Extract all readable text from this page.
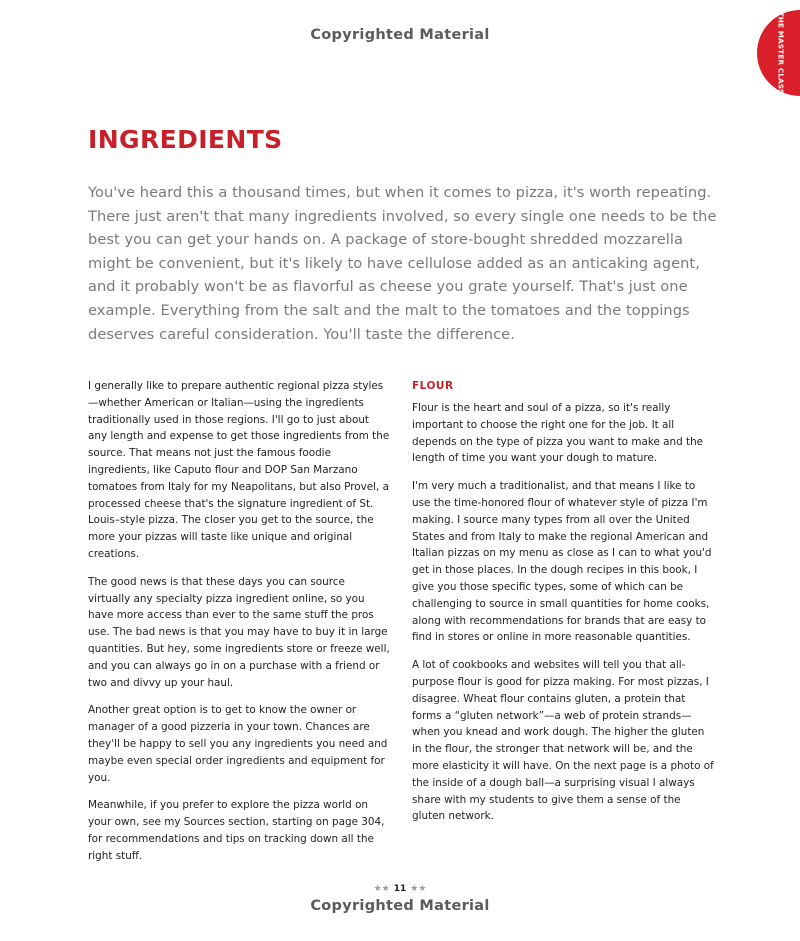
Copyrighted Material	THE MASTER CLASS
INGREDIENTS

You've heard this a thousand times, but when it comes to pizza, it's worth repeating. There just aren't that many ingredients involved, so every single one needs to be the best you can get your hands on. A package of store-bought shredded mozzarella might be convenient, but it's likely to have cellulose added as an anticaking agent, and it probably won't be as flavorful as cheese you grate yourself. That's just one example. Everything from the salt and the malt to the tomatoes and the toppings deserves careful consideration. You'll taste the difference.

I generally like to prepare authentic regional pizza styles—whether American or Italian—using the ingredients traditionally used in those regions. I'll go to just about any length and expense to get those ingredients from the source. That means not just the famous foodie ingredients, like Caputo flour and DOP San Marzano tomatoes from Italy for my Neapolitans, but also Provel, a processed cheese that's the signature ingredient of St. Louis–style pizza. The closer you get to the source, the more your pizzas will taste like unique and original creations.

The good news is that these days you can source virtually any specialty pizza ingredient online, so you have more access than ever to the same stuff the pros use. The bad news is that you may have to buy it in large quantities. But hey, some ingredients store or freeze well, and you can always go in on a purchase with a friend or two and divvy up your haul.

Another great option is to get to know the owner or manager of a good pizzeria in your town. Chances are they'll be happy to sell you any ingredients you need and maybe even special order ingredients and equipment for you.

Meanwhile, if you prefer to explore the pizza world on your own, see my Sources section, starting on page 304, for recommendations and tips on tracking down all the right stuff.

FLOUR

Flour is the heart and soul of a pizza, so it's really important to choose the right one for the job. It all depends on the type of pizza you want to make and the length of time you want your dough to mature.

I'm very much a traditionalist, and that means I like to use the time-honored flour of whatever style of pizza I'm making. I source many types from all over the United States and from Italy to make the regional American and Italian pizzas on my menu as close as I can to what you'd get in those places. In the dough recipes in this book, I give you those specific types, some of which can be challenging to source in small quantities for home cooks, along with recommendations for brands that are easy to find in stores or online in more reasonable quantities.

A lot of cookbooks and websites will tell you that all-purpose flour is good for pizza making. For most pizzas, I disagree. Wheat flour contains gluten, a protein that forms a “gluten network”—a web of protein strands—when you knead and work dough. The higher the gluten in the flour, the stronger that network will be, and the more elasticity it will have. On the next page is a photo of the inside of a dough ball—a surprising visual I always share with my students to give them a sense of the gluten network.

★★ 11 ★★
Copyrighted Material
